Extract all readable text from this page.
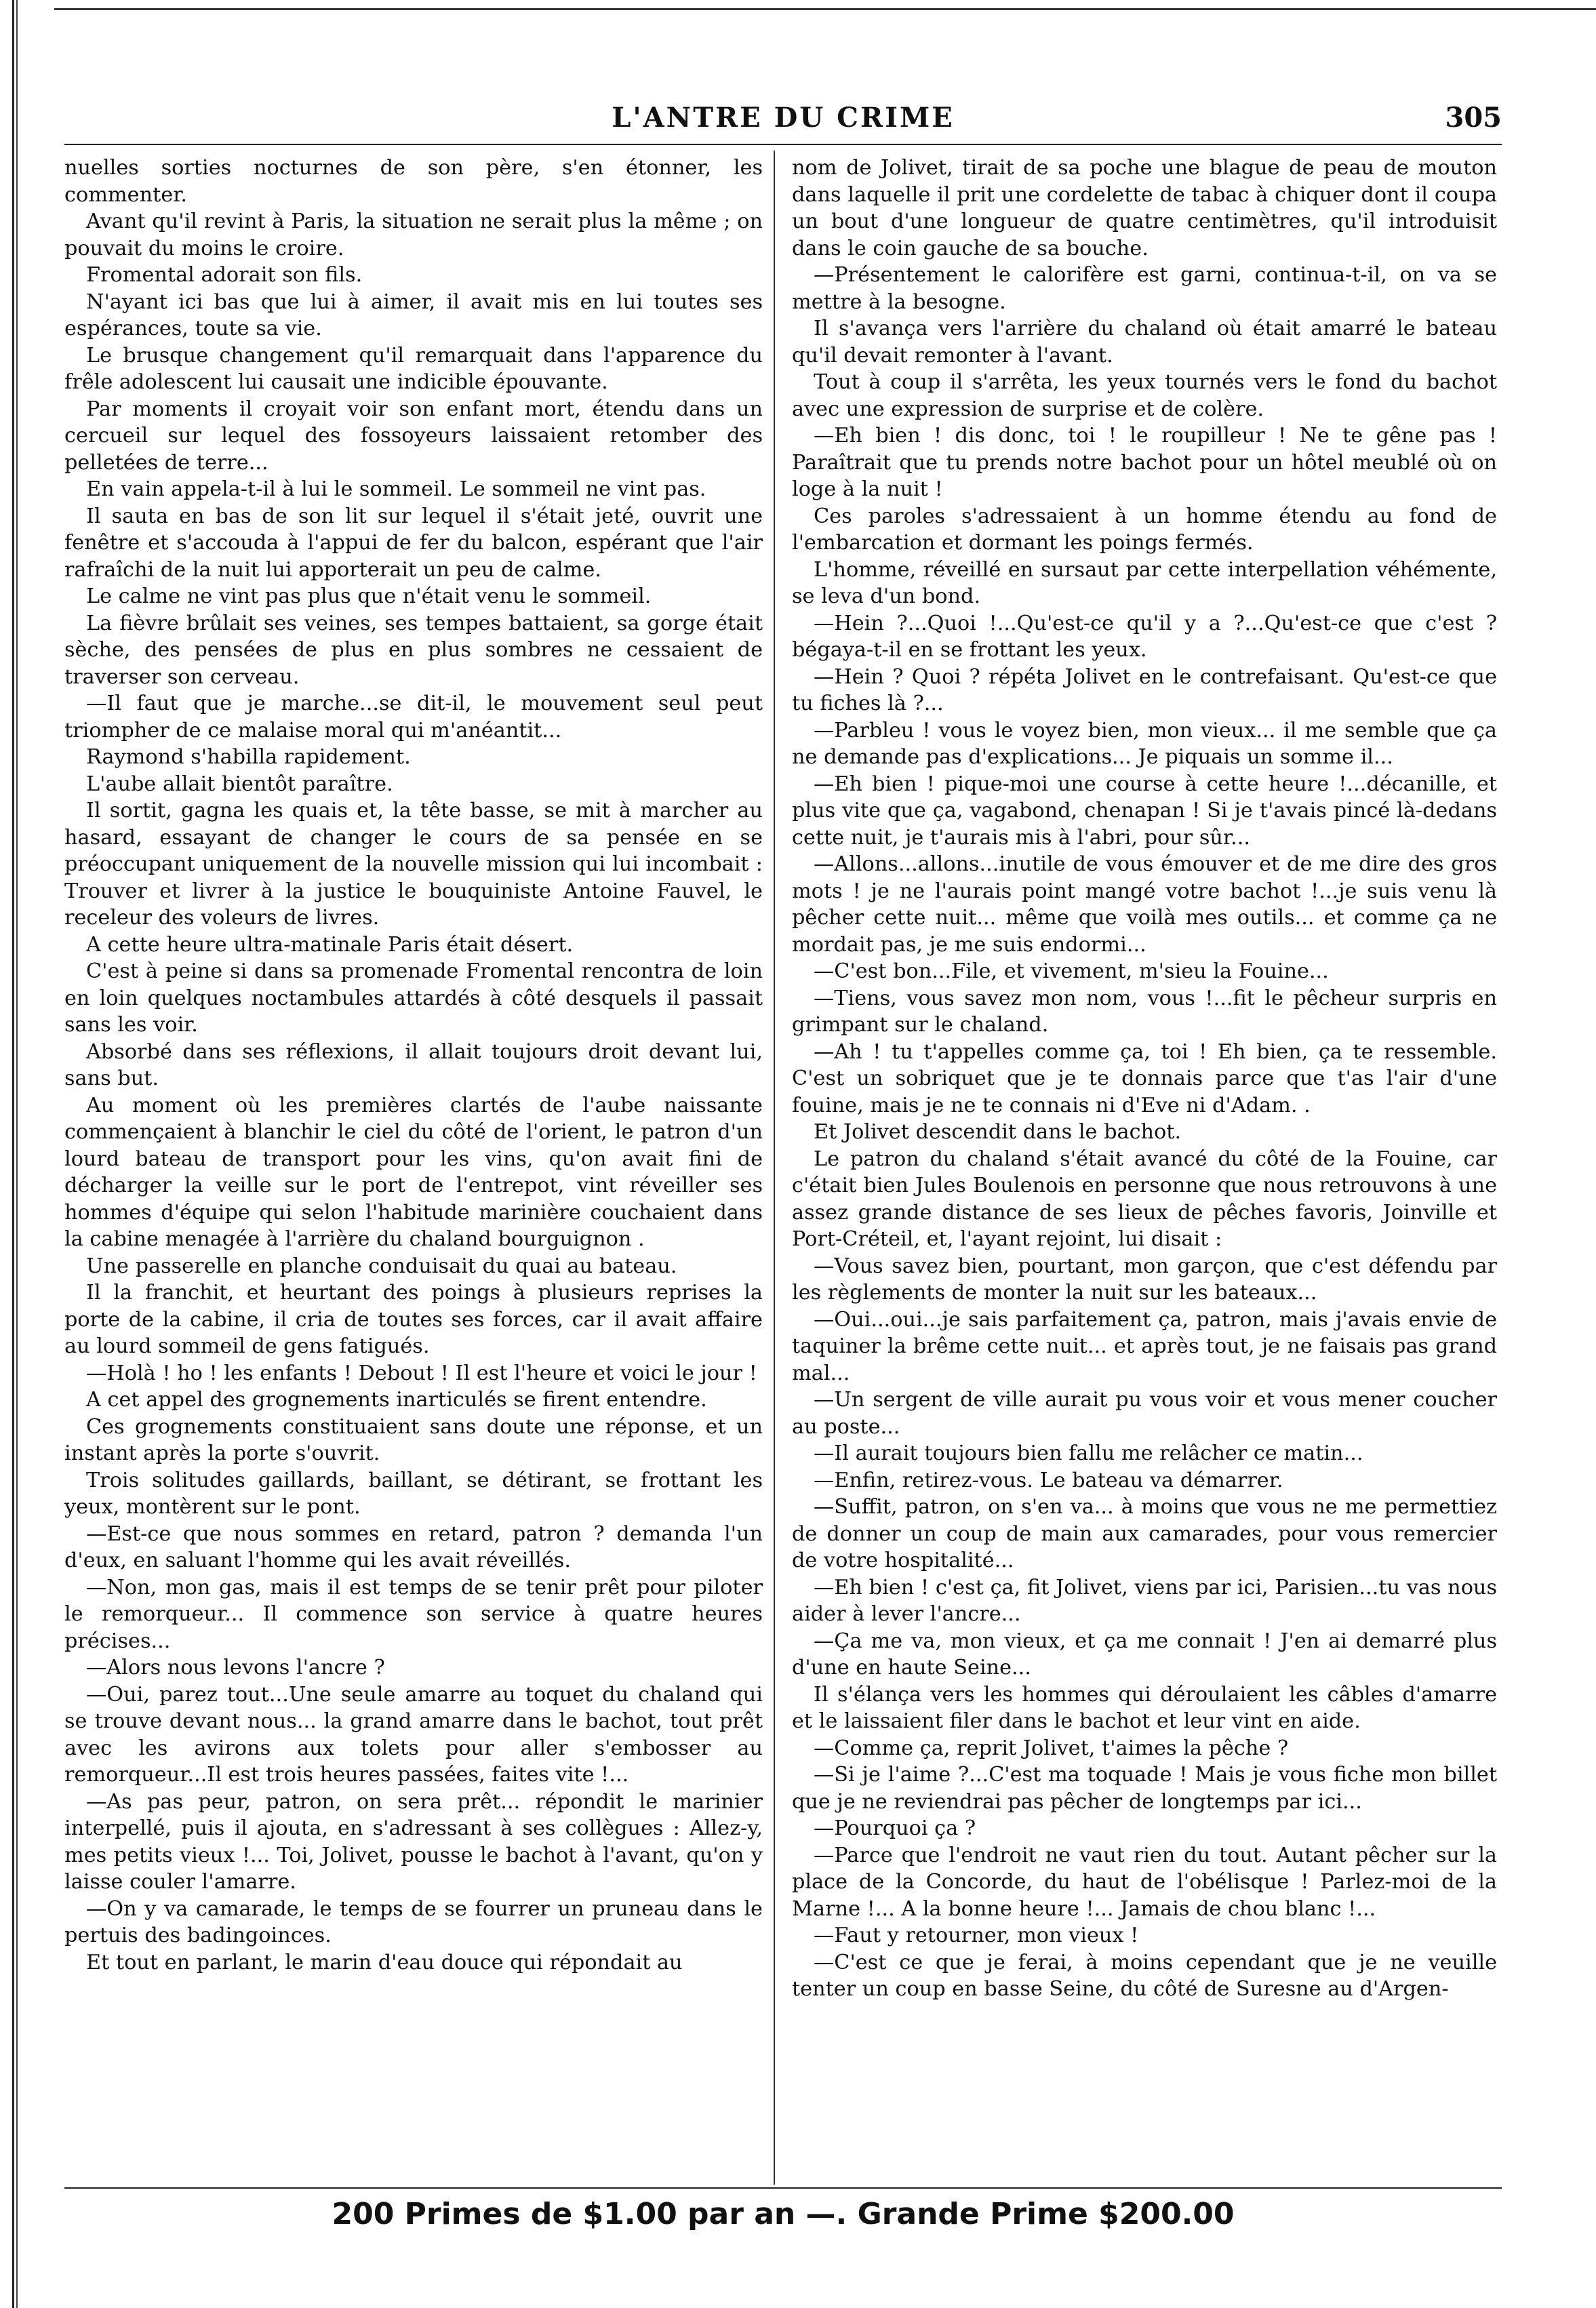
L'ANTRE DU CRIME	305

nuelles sorties nocturnes de son père, s'en étonner, les commenter.

Avant qu'il revint à Paris, la situation ne serait plus la même ; on pouvait du moins le croire.

Fromental adorait son fils.

N'ayant ici bas que lui à aimer, il avait mis en lui toutes ses espérances, toute sa vie.

Le brusque changement qu'il remarquait dans l'apparence du frêle adolescent lui causait une indicible épouvante.

Par moments il croyait voir son enfant mort, étendu dans un cercueil sur lequel des fossoyeurs laissaient retomber des pelletées de terre...

En vain appela-t-il à lui le sommeil. Le sommeil ne vint pas.

Il sauta en bas de son lit sur lequel il s'était jeté, ouvrit une fenêtre et s'accouda à l'appui de fer du balcon, espérant que l'air rafraîchi de la nuit lui apporterait un peu de calme.

Le calme ne vint pas plus que n'était venu le sommeil.

La fièvre brûlait ses veines, ses tempes battaient, sa gorge était sèche, des pensées de plus en plus sombres ne cessaient de traverser son cerveau.

—Il faut que je marche...se dit-il, le mouvement seul peut triompher de ce malaise moral qui m'anéantit...

Raymond s'habilla rapidement.

L'aube allait bientôt paraître.

Il sortit, gagna les quais et, la tête basse, se mit à marcher au hasard, essayant de changer le cours de sa pensée en se préoccupant uniquement de la nouvelle mission qui lui incombait : Trouver et livrer à la justice le bouquiniste Antoine Fauvel, le receleur des voleurs de livres.

A cette heure ultra-matinale Paris était désert.

C'est à peine si dans sa promenade Fromental rencontra de loin en loin quelques noctambules attardés à côté desquels il passait sans les voir.

Absorbé dans ses réflexions, il allait toujours droit devant lui, sans but.

Au moment où les premières clartés de l'aube naissante commençaient à blanchir le ciel du côté de l'orient, le patron d'un lourd bateau de transport pour les vins, qu'on avait fini de décharger la veille sur le port de l'entrepot, vint réveiller ses hommes d'équipe qui selon l'habitude marinière couchaient dans la cabine menagée à l'arrière du chaland bourguignon .

Une passerelle en planche conduisait du quai au bateau.

Il la franchit, et heurtant des poings à plusieurs reprises la porte de la cabine, il cria de toutes ses forces, car il avait affaire au lourd sommeil de gens fatigués.

—Holà ! ho ! les enfants ! Debout ! Il est l'heure et voici le jour !

A cet appel des grognements inarticulés se firent entendre.

Ces grognements constituaient sans doute une réponse, et un instant après la porte s'ouvrit.

Trois solitudes gaillards, baillant, se détirant, se frottant les yeux, montèrent sur le pont.

—Est-ce que nous sommes en retard, patron ? demanda l'un d'eux, en saluant l'homme qui les avait réveillés.

—Non, mon gas, mais il est temps de se tenir prêt pour piloter le remorqueur... Il commence son service à quatre heures précises...

—Alors nous levons l'ancre ?

—Oui, parez tout...Une seule amarre au toquet du chaland qui se trouve devant nous... la grand amarre dans le bachot, tout prêt avec les avirons aux tolets pour aller s'embosser au remorqueur...Il est trois heures passées, faites vite !...

—As pas peur, patron, on sera prêt... répondit le marinier interpellé, puis il ajouta, en s'adressant à ses collègues : Allez-y, mes petits vieux !... Toi, Jolivet, pousse le bachot à l'avant, qu'on y laisse couler l'amarre.

—On y va camarade, le temps de se fourrer un pruneau dans le pertuis des badingoinces.

Et tout en parlant, le marin d'eau douce qui répondait au

nom de Jolivet, tirait de sa poche une blague de peau de mouton dans laquelle il prit une cordelette de tabac à chiquer dont il coupa un bout d'une longueur de quatre centimètres, qu'il introduisit dans le coin gauche de sa bouche.

—Présentement le calorifère est garni, continua-t-il, on va se mettre à la besogne.

Il s'avança vers l'arrière du chaland où était amarré le bateau qu'il devait remonter à l'avant.

Tout à coup il s'arrêta, les yeux tournés vers le fond du bachot avec une expression de surprise et de colère.

—Eh bien ! dis donc, toi ! le roupilleur ! Ne te gêne pas ! Paraîtrait que tu prends notre bachot pour un hôtel meublé où on loge à la nuit !

Ces paroles s'adressaient à un homme étendu au fond de l'embarcation et dormant les poings fermés.

L'homme, réveillé en sursaut par cette interpellation véhémente, se leva d'un bond.

—Hein ?...Quoi !...Qu'est-ce qu'il y a ?...Qu'est-ce que c'est ? bégaya-t-il en se frottant les yeux.

—Hein ? Quoi ? répéta Jolivet en le contrefaisant. Qu'est-ce que tu fiches là ?...

—Parbleu ! vous le voyez bien, mon vieux... il me semble que ça ne demande pas d'explications... Je piquais un somme il...

—Eh bien ! pique-moi une course à cette heure !...décanille, et plus vite que ça, vagabond, chenapan ! Si je t'avais pincé là-dedans cette nuit, je t'aurais mis à l'abri, pour sûr...

—Allons...allons...inutile de vous émouver et de me dire des gros mots ! je ne l'aurais point mangé votre bachot !...je suis venu là pêcher cette nuit... même que voilà mes outils... et comme ça ne mordait pas, je me suis endormi...

—C'est bon...File, et vivement, m'sieu la Fouine...

—Tiens, vous savez mon nom, vous !...fit le pêcheur surpris en grimpant sur le chaland.

—Ah ! tu t'appelles comme ça, toi ! Eh bien, ça te ressemble. C'est un sobriquet que je te donnais parce que t'as l'air d'une fouine, mais je ne te connais ni d'Eve ni d'Adam. .

Et Jolivet descendit dans le bachot.

Le patron du chaland s'était avancé du côté de la Fouine, car c'était bien Jules Boulenois en personne que nous retrouvons à une assez grande distance de ses lieux de pêches favoris, Joinville et Port-Créteil, et, l'ayant rejoint, lui disait :

—Vous savez bien, pourtant, mon garçon, que c'est défendu par les règlements de monter la nuit sur les bateaux...

—Oui...oui...je sais parfaitement ça, patron, mais j'avais envie de taquiner la brême cette nuit... et après tout, je ne faisais pas grand mal...

—Un sergent de ville aurait pu vous voir et vous mener coucher au poste...

—Il aurait toujours bien fallu me relâcher ce matin...

—Enfin, retirez-vous. Le bateau va démarrer.

—Suffit, patron, on s'en va... à moins que vous ne me permettiez de donner un coup de main aux camarades, pour vous remercier de votre hospitalité...

—Eh bien ! c'est ça, fit Jolivet, viens par ici, Parisien...tu vas nous aider à lever l'ancre...

—Ça me va, mon vieux, et ça me connait ! J'en ai demarré plus d'une en haute Seine...

Il s'élança vers les hommes qui déroulaient les câbles d'amarre et le laissaient filer dans le bachot et leur vint en aide.

—Comme ça, reprit Jolivet, t'aimes la pêche ?

—Si je l'aime ?...C'est ma toquade ! Mais je vous fiche mon billet que je ne reviendrai pas pêcher de longtemps par ici...

—Pourquoi ça ?

—Parce que l'endroit ne vaut rien du tout. Autant pêcher sur la place de la Concorde, du haut de l'obélisque ! Parlez-moi de la Marne !... A la bonne heure !... Jamais de chou blanc !...

—Faut y retourner, mon vieux !

—C'est ce que je ferai, à moins cependant que je ne veuille tenter un coup en basse Seine, du côté de Suresne au d'Argen-

200 Primes de $1.00 par an —. Grande Prime $200.00
